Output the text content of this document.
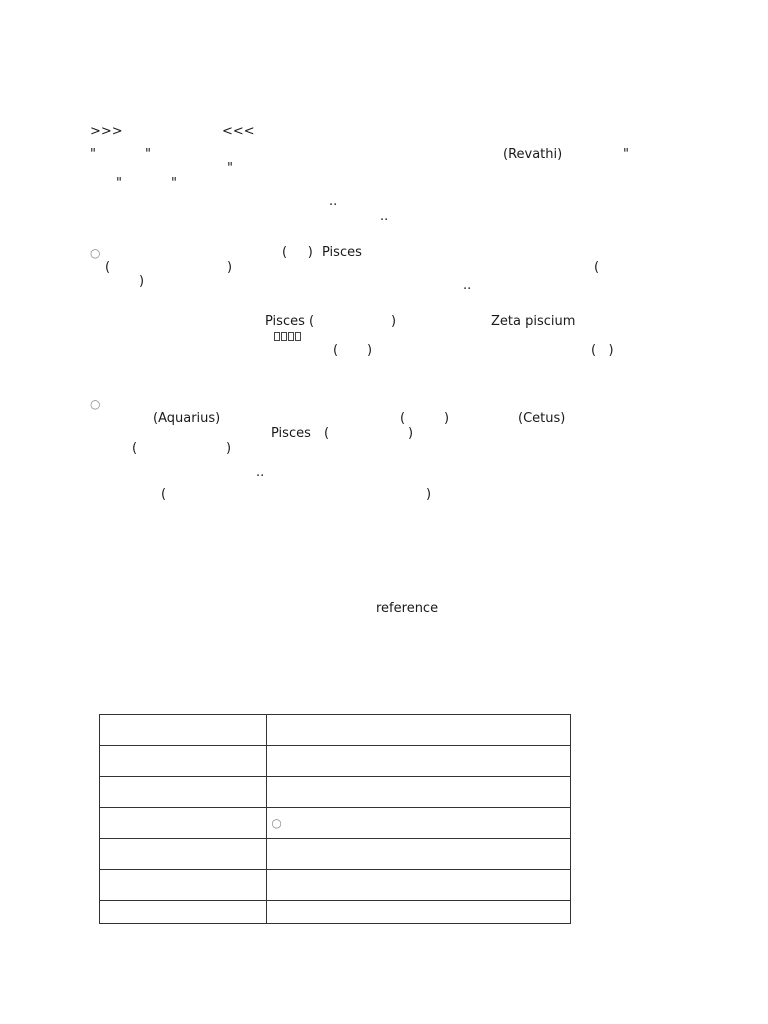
>>>	<<<
"	"	(Revathi)	"
"
"	"
..
..
○	(     ) Pisces
(	)	(
)	..
Pisces (	)	Zeta piscium
(       )	(   )
○
(Aquarius)	(	)	(Cetus)
Pisces (	)
(	)
..
(	)
reference

	○
